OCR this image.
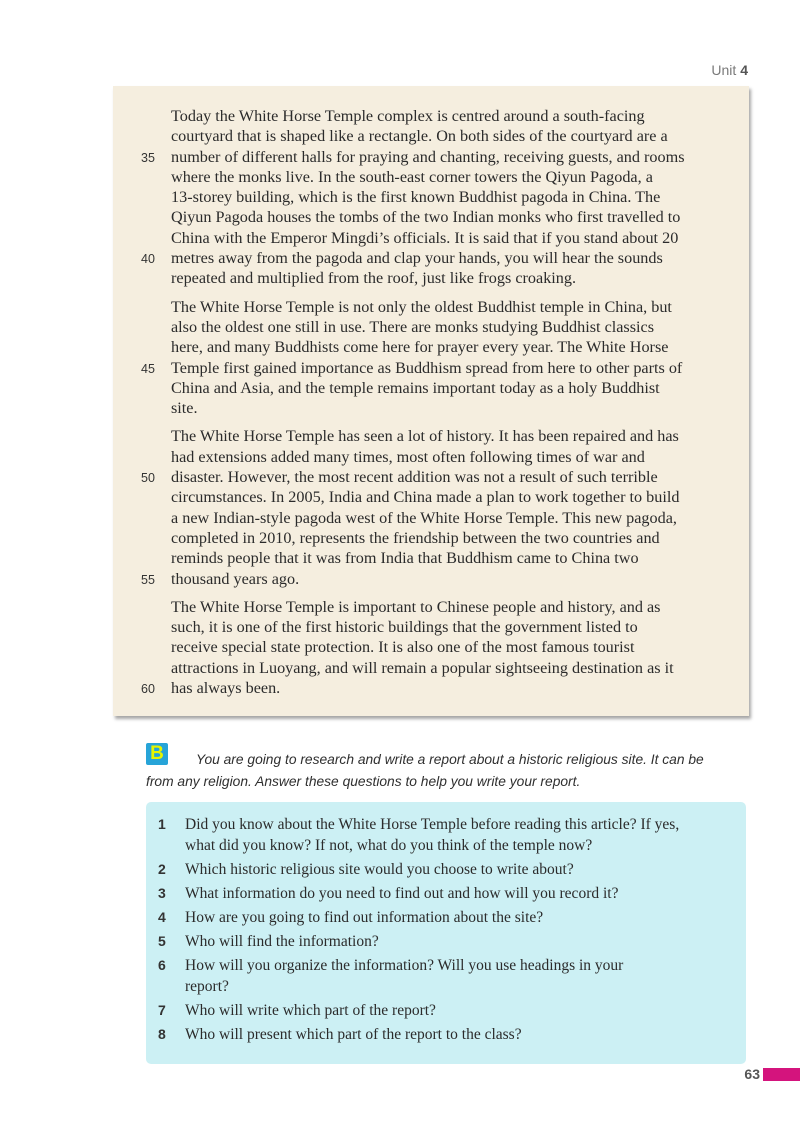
Unit 4
Today the White Horse Temple complex is centred around a south-facing
courtyard that is shaped like a rectangle. On both sides of the courtyard are a
35 number of different halls for praying and chanting, receiving guests, and rooms
where the monks live. In the south-east corner towers the Qiyun Pagoda, a
13-storey building, which is the first known Buddhist pagoda in China. The
Qiyun Pagoda houses the tombs of the two Indian monks who first travelled to
China with the Emperor Mingdi’s officials. It is said that if you stand about 20
40 metres away from the pagoda and clap your hands, you will hear the sounds
repeated and multiplied from the roof, just like frogs croaking.
The White Horse Temple is not only the oldest Buddhist temple in China, but
also the oldest one still in use. There are monks studying Buddhist classics
here, and many Buddhists come here for prayer every year. The White Horse
45 Temple first gained importance as Buddhism spread from here to other parts of
China and Asia, and the temple remains important today as a holy Buddhist
site.
The White Horse Temple has seen a lot of history. It has been repaired and has
had extensions added many times, most often following times of war and
50 disaster. However, the most recent addition was not a result of such terrible
circumstances. In 2005, India and China made a plan to work together to build
a new Indian-style pagoda west of the White Horse Temple. This new pagoda,
completed in 2010, represents the friendship between the two countries and
reminds people that it was from India that Buddhism came to China two
55 thousand years ago.
The White Horse Temple is important to Chinese people and history, and as
such, it is one of the first historic buildings that the government listed to
receive special state protection. It is also one of the most famous tourist
attractions in Luoyang, and will remain a popular sightseeing destination as it
60 has always been.
B	You are going to research and write a report about a historic religious site. It can be
from any religion. Answer these questions to help you write your report.
1	Did you know about the White Horse Temple before reading this article? If yes,
what did you know? If not, what do you think of the temple now?
2	Which historic religious site would you choose to write about?
3	What information do you need to find out and how will you record it?
4	How are you going to find out information about the site?
5	Who will find the information?
6	How will you organize the information? Will you use headings in your
report?
7	Who will write which part of the report?
8	Who will present which part of the report to the class?
63
